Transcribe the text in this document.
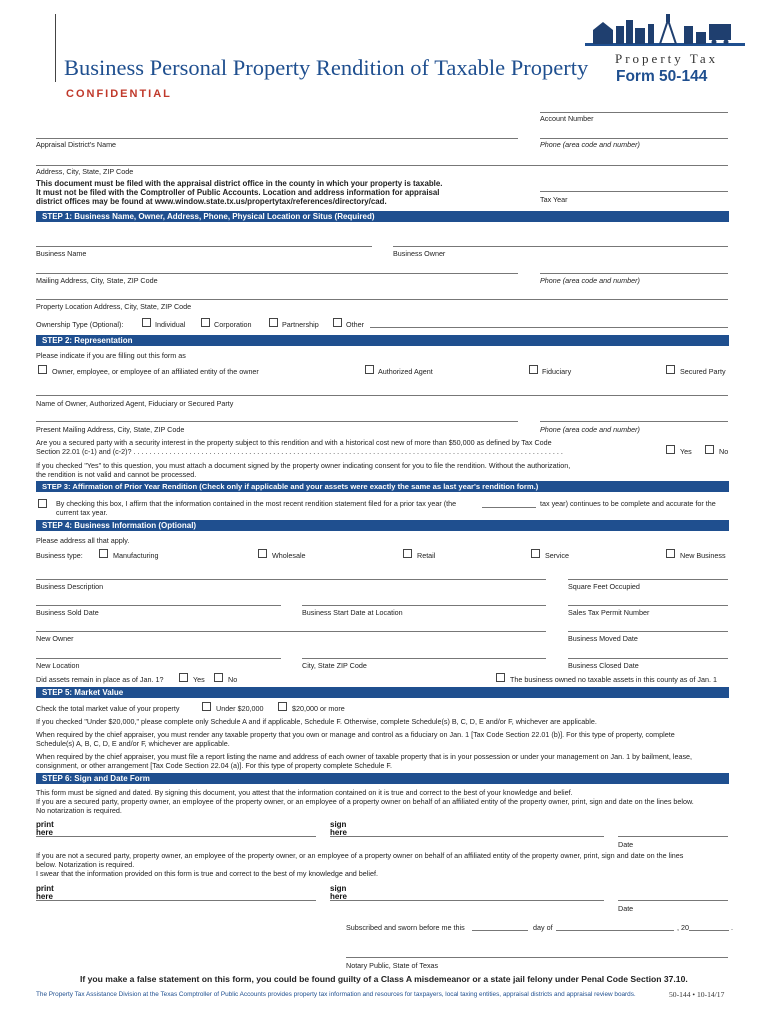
Business Personal Property Rendition of Taxable Property
CONFIDENTIAL
Property Tax
Form 50-144
Account Number
Appraisal District's Name	Phone (area code and number)
Address, City, State, ZIP Code
This document must be filed with the appraisal district office in the county in which your property is taxable.
It must not be filed with the Comptroller of Public Accounts. Location and address information for appraisal
district offices may be found at www.window.state.tx.us/propertytax/references/directory/cad.	Tax Year
STEP 1: Business Name, Owner, Address, Phone, Physical Location or Situs (Required)
Business Name	Business Owner
Mailing Address, City, State, ZIP Code	Phone (area code and number)
Property Location Address, City, State, ZIP Code
Ownership Type (Optional):	Individual	Corporation	Partnership	Other
STEP 2: Representation
Please indicate if you are filling out this form as
Owner, employee, or employee of an affiliated entity of the owner	Authorized Agent	Fiduciary	Secured Party
Name of Owner, Authorized Agent, Fiduciary or Secured Party
Present Mailing Address, City, State, ZIP Code	Phone (area code and number)
Are you a secured party with a security interest in the property subject to this rendition and with a historical cost new of more than $50,000 as defined by Tax Code
Section 22.01 (c-1) and (c-2)? . . . . . . . . . . . . . . . . . . . . . . . . . . . . . . . . . . . . . . . . . . . . . . . . . . . . . . . . . . . . . . . . . . . . . . . . . . . . . . . . . . . . . . . . . . . . . . . . . . . . . . . . . . . .	Yes	No
If you checked "Yes" to this question, you must attach a document signed by the property owner indicating consent for you to file the rendition. Without the authorization,
the rendition is not valid and cannot be processed.
STEP 3: Affirmation of Prior Year Rendition (Check only if applicable and your assets were exactly the same as last year's rendition form.)
By checking this box, I affirm that the information contained in the most recent rendition statement filed for a prior tax year (the	tax year) continues to be complete and accurate for the
current tax year.
STEP 4: Business Information (Optional)
Please address all that apply.
Business type:	Manufacturing	Wholesale	Retail	Service	New Business
Business Description	Square Feet Occupied
Business Sold Date	Business Start Date at Location	Sales Tax Permit Number
New Owner	Business Moved Date
New Location	City, State ZIP Code	Business Closed Date
Did assets remain in place as of Jan. 1?	Yes	No	The business owned no taxable assets in this county as of Jan. 1
STEP 5: Market Value
Check the total market value of your property	Under $20,000	$20,000 or more
If you checked "Under $20,000," please complete only Schedule A and if applicable, Schedule F. Otherwise, complete Schedule(s) B, C, D, E and/or F, whichever are applicable.
When required by the chief appraiser, you must render any taxable property that you own or manage and control as a fiduciary on Jan. 1 [Tax Code Section 22.01 (b)]. For this type of property, complete
Schedule(s) A, B, C, D, E and/or F, whichever are applicable.
When required by the chief appraiser, you must file a report listing the name and address of each owner of taxable property that is in your possession or under your management on Jan. 1 by bailment, lease,
consignment, or other arrangement [Tax Code Section 22.04 (a)]. For this type of property complete Schedule F.
STEP 6: Sign and Date Form
This form must be signed and dated. By signing this document, you attest that the information contained on it is true and correct to the best of your knowledge and belief.
If you are a secured party, property owner, an employee of the property owner, or an employee of a property owner on behalf of an affiliated entity of the property owner, print, sign and date on the lines below.
No notarization is required.
print
here
sign
here
Date
If you are not a secured party, property owner, an employee of the property owner, or an employee of a property owner on behalf of an affiliated entity of the property owner, print, sign and date on the lines
below. Notarization is required.
I swear that the information provided on this form is true and correct to the best of my knowledge and belief.
print
here
sign
here
Date
Subscribed and sworn before me this	day of	, 20	.
Notary Public, State of Texas
If you make a false statement on this form, you could be found guilty of a Class A misdemeanor or a state jail felony under Penal Code Section 37.10.
The Property Tax Assistance Division at the Texas Comptroller of Public Accounts provides property tax information and resources for taxpayers, local taxing entities, appraisal districts and appraisal review boards.	50-144 • 10-14/17
